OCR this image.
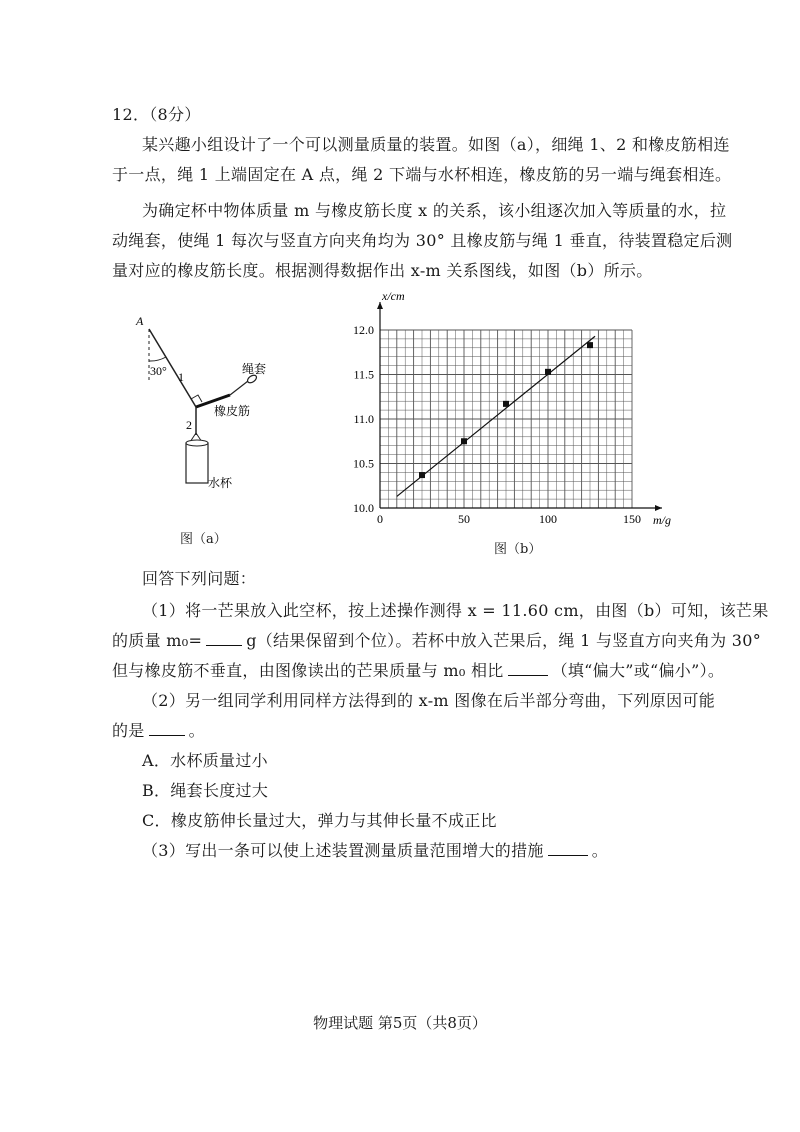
12．（8分）
某兴趣小组设计了一个可以测量质量的装置。如图（a），细绳 1、2 和橡皮筋相连
于一点，绳 1 上端固定在 A 点，绳 2 下端与水杯相连，橡皮筋的另一端与绳套相连。
为确定杯中物体质量 m 与橡皮筋长度 x 的关系，该小组逐次加入等质量的水，拉
动绳套，使绳 1 每次与竖直方向夹角均为 30° 且橡皮筋与绳 1 垂直，待装置稳定后测
量对应的橡皮筋长度。根据测得数据作出 x-m 关系图线，如图（b）所示。
A
30° 1
绳套
橡皮筋
2
水杯
图（a）
0	50	100	150
10.0
10.5
11.0
11.5
12.0
x/cm
m/g
图（b）
回答下列问题：
（1）将一芒果放入此空杯，按上述操作测得 x = 11.60 cm，由图（b）可知，该芒果
的质量 m₀=	g（结果保留到个位）。若杯中放入芒果后，绳 1 与竖直方向夹角为 30°
但与橡皮筋不垂直，由图像读出的芒果质量与 m₀ 相比	（填“偏大”或“偏小”）。
（2）另一组同学利用同样方法得到的 x-m 图像在后半部分弯曲，下列原因可能
的是	。
A．水杯质量过小
B．绳套长度过大
C．橡皮筋伸长量过大，弹力与其伸长量不成正比
（3）写出一条可以使上述装置测量质量范围增大的措施	。
物理试题 第5页（共8页）
